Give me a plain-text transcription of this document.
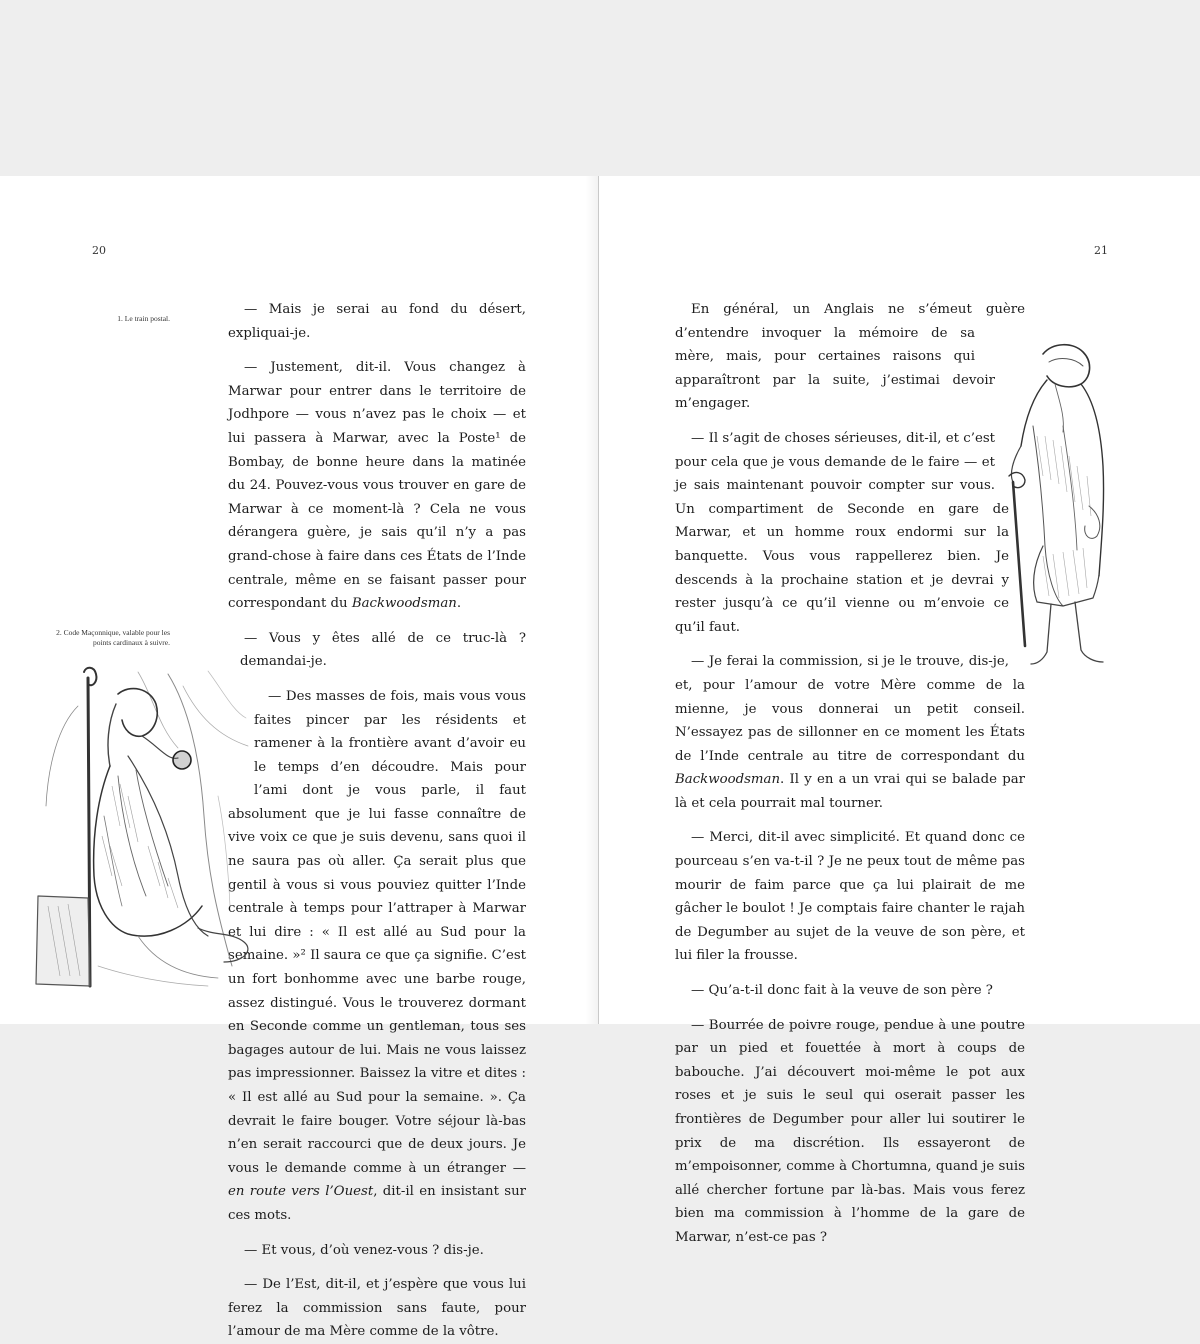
20
1. Le train postal.
2. Code Maçonnique, valable pour les points cardinaux à suivre.

— Mais je serai au fond du désert, expliquai-je.

— Justement, dit-il. Vous changez à Marwar pour entrer dans le territoire de Jodhpore — vous n’avez pas le choix — et lui passera à Marwar, avec la Poste¹ de Bombay, de bonne heure dans la matinée du 24. Pouvez-vous vous trouver en gare de Marwar à ce moment-là ? Cela ne vous dérangera guère, je sais qu’il n’y a pas grand-chose à faire dans ces États de l’Inde centrale, même en se faisant passer pour correspondant du Backwoodsman.

— Vous y êtes allé de ce truc-là ? demandai-je.

— Des masses de fois, mais vous vous faites pincer par les résidents et ramener à la frontière avant d’avoir eu le temps d’en découdre. Mais pour l’ami dont je vous parle, il faut absolument que je lui fasse connaître de vive voix ce que je suis devenu, sans quoi il ne saura pas où aller. Ça serait plus que gentil à vous si vous pouviez quitter l’Inde centrale à temps pour l’attraper à Marwar et lui dire : « Il est allé au Sud pour la semaine. »² Il saura ce que ça signifie. C’est un fort bonhomme avec une barbe rouge, assez distingué. Vous le trouverez dormant en Seconde comme un gentleman, tous ses bagages autour de lui. Mais ne vous laissez pas impressionner. Baissez la vitre et dites : « Il est allé au Sud pour la semaine. ». Ça devrait le faire bouger. Votre séjour là-bas n’en serait raccourci que de deux jours. Je vous le demande comme à un étranger — en route vers l’Ouest, dit-il en insistant sur ces mots.

— Et vous, d’où venez-vous ? dis-je.

— De l’Est, dit-il, et j’espère que vous lui ferez la commission sans faute, pour l’amour de ma Mère comme de la vôtre.

21

En général, un Anglais ne s’émeut guère d’entendre invoquer la mémoire de sa mère, mais, pour certaines raisons qui apparaîtront par la suite, j’estimai devoir m’engager.

— Il s’agit de choses sérieuses, dit-il, et c’est pour cela que je vous demande de le faire — et je sais maintenant pouvoir compter sur vous. Un compartiment de Seconde en gare de Marwar, et un homme roux endormi sur la banquette. Vous vous rappellerez bien. Je descends à la prochaine station et je devrai y rester jusqu’à ce qu’il vienne ou m’envoie ce qu’il faut.

— Je ferai la commission, si je le trouve, dis-je, et, pour l’amour de votre Mère comme de la mienne, je vous donnerai un petit conseil. N’essayez pas de sillonner en ce moment les États de l’Inde centrale au titre de correspondant du Backwoodsman. Il y en a un vrai qui se balade par là et cela pourrait mal tourner.

— Merci, dit-il avec simplicité. Et quand donc ce pourceau s’en va-t-il ? Je ne peux tout de même pas mourir de faim parce que ça lui plairait de me gâcher le boulot ! Je comptais faire chanter le rajah de Degumber au sujet de la veuve de son père, et lui filer la frousse.

— Qu’a-t-il donc fait à la veuve de son père ?

— Bourrée de poivre rouge, pendue à une poutre par un pied et fouettée à mort à coups de babouche. J’ai découvert moi-même le pot aux roses et je suis le seul qui oserait passer les frontières de Degumber pour aller lui soutirer le prix de ma discrétion. Ils essayeront de m’empoisonner, comme à Chortumna, quand je suis allé chercher fortune par là-bas. Mais vous ferez bien ma commission à l’homme de la gare de Marwar, n’est-ce pas ?
